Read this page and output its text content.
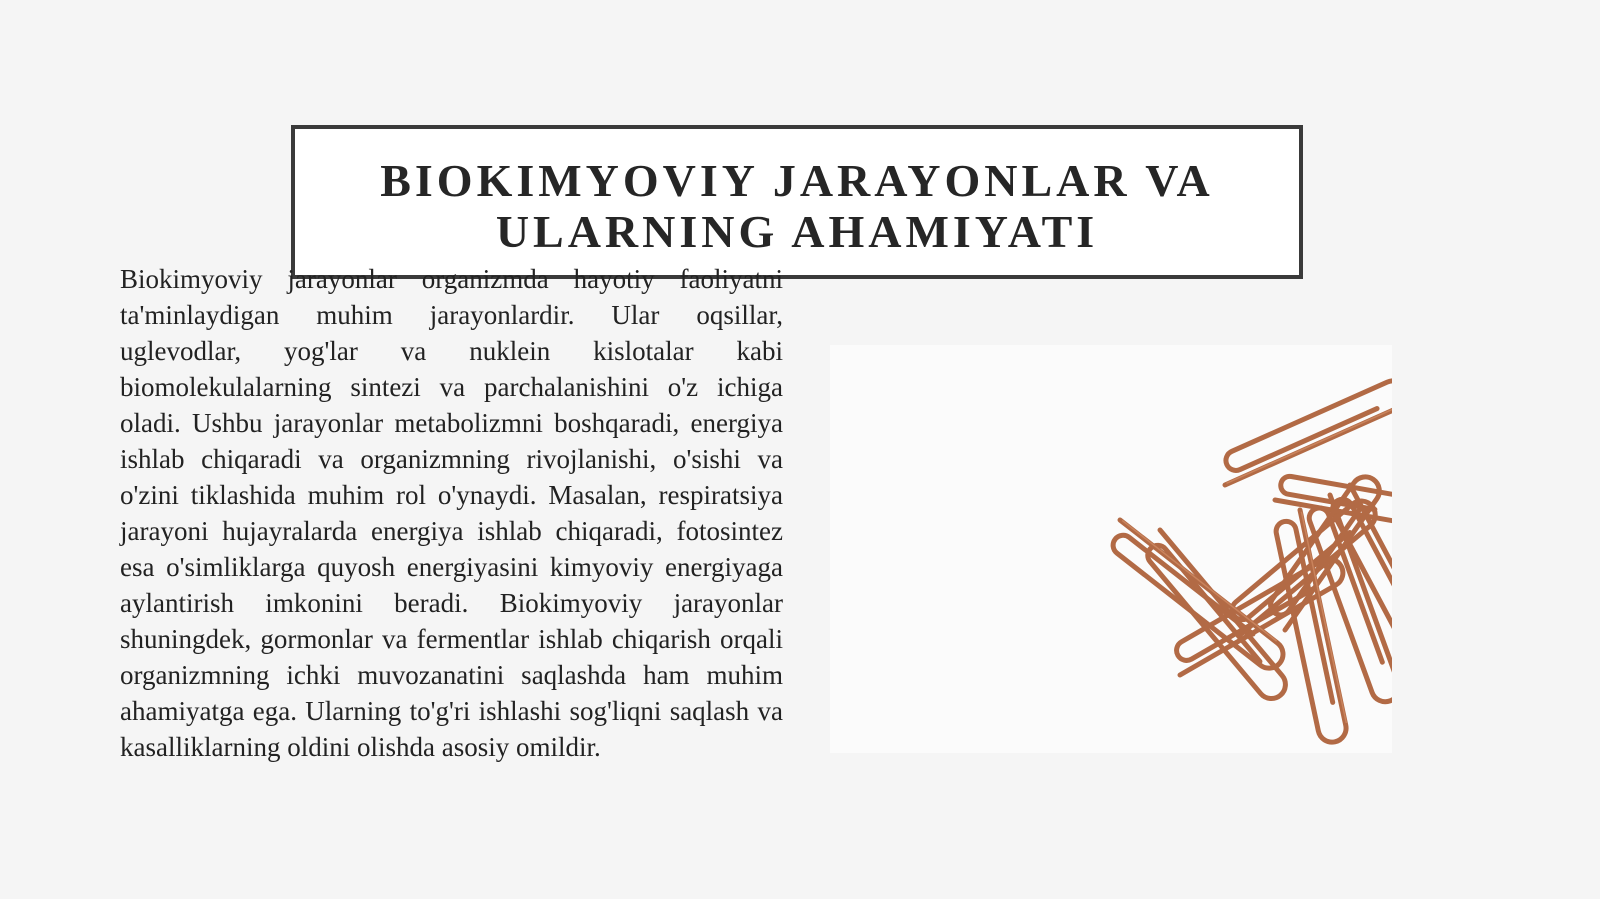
BIOKIMYOVIY JARAYONLAR VA
ULARNING AHAMIYATI

Biokimyoviy jarayonlar organizmda hayotiy faoliyatni ta'minlaydigan muhim jarayonlardir. Ular oqsillar, uglevodlar, yog'lar va nuklein kislotalar kabi biomolekulalarning sintezi va parchalanishini o'z ichiga oladi. Ushbu jarayonlar metabolizmni boshqaradi, energiya ishlab chiqaradi va organizmning rivojlanishi, o'sishi va o'zini tiklashida muhim rol o'ynaydi. Masalan, respiratsiya jarayoni hujayralarda energiya ishlab chiqaradi, fotosintez esa o'simliklarga quyosh energiyasini kimyoviy energiyaga aylantirish imkonini beradi. Biokimyoviy jarayonlar shuningdek, gormonlar va fermentlar ishlab chiqarish orqali organizmning ichki muvozanatini saqlashda ham muhim ahamiyatga ega. Ularning to'g'ri ishlashi sog'liqni saqlash va kasalliklarning oldini olishda asosiy omildir.
